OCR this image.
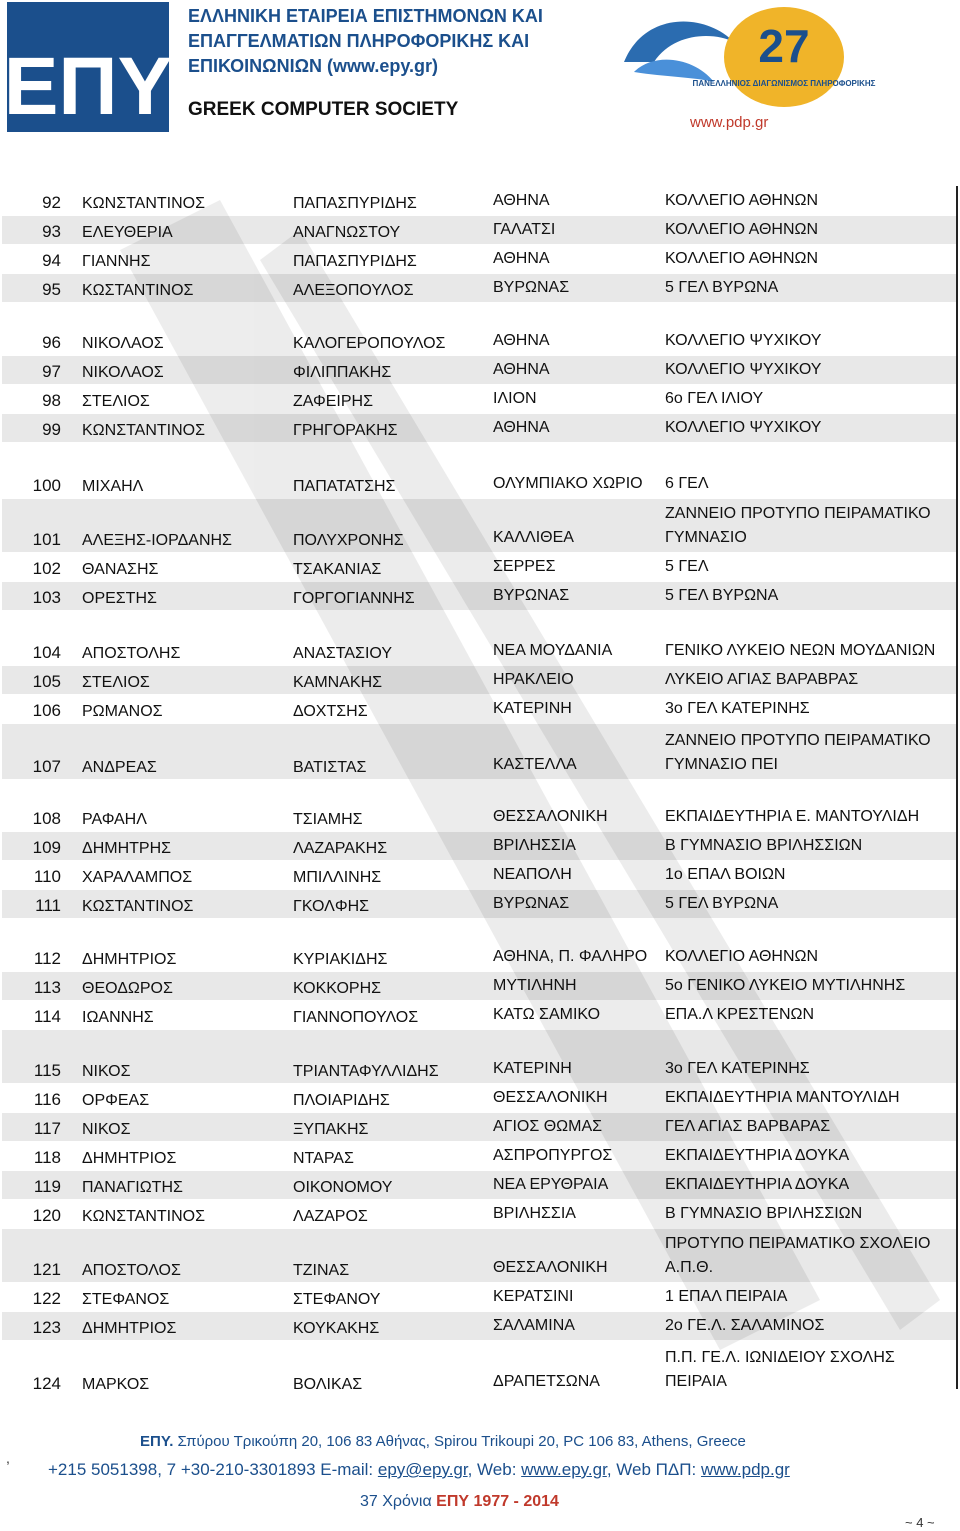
ΕΠΥ
ΕΛΛΗΝΙΚΗ ΕΤΑΙΡΕΙΑ ΕΠΙΣΤΗΜΟΝΩΝ ΚΑΙ
ΕΠΑΓΓΕΛΜΑΤΙΩΝ ΠΛΗΡΟΦΟΡΙΚΗΣ ΚΑΙ
ΕΠΙΚΟΙΝΩΝΙΩΝ (www.epy.gr)
GREEK COMPUTER SOCIETY
27
ΠΑΝΕΛΛΗΝΙΟΣ ΔΙΑΓΩΝΙΣΜΟΣ ΠΛΗΡΟΦΟΡΙΚΗΣ
www.pdp.gr
92	ΚΩΝΣΤΑΝΤΙΝΟΣ	ΠΑΠΑΣΠΥΡΙΔΗΣ	ΑΘΗΝΑ	ΚΟΛΛΕΓΙΟ ΑΘΗΝΩΝ
93	ΕΛΕΥΘΕΡΙΑ	ΑΝΑΓΝΩΣΤΟΥ	ΓΑΛΑΤΣΙ	ΚΟΛΛΕΓΙΟ ΑΘΗΝΩΝ
94	ΓΙΑΝΝΗΣ	ΠΑΠΑΣΠΥΡΙΔΗΣ	ΑΘΗΝΑ	ΚΟΛΛΕΓΙΟ ΑΘΗΝΩΝ
95	ΚΩΣΤΑΝΤΙΝΟΣ	ΑΛΕΞΟΠΟΥΛΟΣ	ΒΥΡΩΝΑΣ	5 ΓΕΛ ΒΥΡΩΝΑ
96	ΝΙΚΟΛΑΟΣ	ΚΑΛΟΓΕΡΟΠΟΥΛΟΣ	ΑΘΗΝΑ	ΚΟΛΛΕΓΙΟ ΨΥΧΙΚΟΥ
97	ΝΙΚΟΛΑΟΣ	ΦΙΛΙΠΠΑΚΗΣ	ΑΘΗΝΑ	ΚΟΛΛΕΓΙΟ ΨΥΧΙΚΟΥ
98	ΣΤΕΛΙΟΣ	ΖΑΦΕΙΡΗΣ	ΙΛΙΟΝ	6ο ΓΕΛ ΙΛΙΟΥ
99	ΚΩΝΣΤΑΝΤΙΝΟΣ	ΓΡΗΓΟΡΑΚΗΣ	ΑΘΗΝΑ	ΚΟΛΛΕΓΙΟ ΨΥΧΙΚΟΥ
100	ΜΙΧΑΗΛ	ΠΑΠΑΤΑΤΣΗΣ	ΟΛΥΜΠΙΑΚΟ ΧΩΡΙΟ	6 ΓΕΛ
101	ΑΛΕΞΗΣ-ΙΟΡΔΑΝΗΣ	ΠΟΛΥΧΡΟΝΗΣ	ΚΑΛΛΙΘΕΑ	ΖΑΝΝΕΙΟ ΠΡΟΤΥΠΟ ΠΕΙΡΑΜΑΤΙΚΟ ΓΥΜΝΑΣΙΟ
102	ΘΑΝΑΣΗΣ	ΤΣΑΚΑΝΙΑΣ	ΣΕΡΡΕΣ	5 ΓΕΛ
103	ΟΡΕΣΤΗΣ	ΓΟΡΓΟΓΙΑΝΝΗΣ	ΒΥΡΩΝΑΣ	5 ΓΕΛ ΒΥΡΩΝΑ
104	ΑΠΟΣΤΟΛΗΣ	ΑΝΑΣΤΑΣΙΟΥ	ΝΕΑ ΜΟΥΔΑΝΙΑ	ΓΕΝΙΚΟ ΛΥΚΕΙΟ ΝΕΩΝ ΜΟΥΔΑΝΙΩΝ
105	ΣΤΕΛΙΟΣ	ΚΑΜΝΑΚΗΣ	ΗΡΑΚΛΕΙΟ	ΛΥΚΕΙΟ ΑΓΙΑΣ ΒΑΡΑΒΡΑΣ
106	ΡΩΜΑΝΟΣ	ΔΟΧΤΣΗΣ	ΚΑΤΕΡΙΝΗ	3ο ΓΕΛ ΚΑΤΕΡΙΝΗΣ
107	ΑΝΔΡΕΑΣ	ΒΑΤΙΣΤΑΣ	ΚΑΣΤΕΛΛΑ	ΖΑΝΝΕΙΟ ΠΡΟΤΥΠΟ ΠΕΙΡΑΜΑΤΙΚΟ ΓΥΜΝΑΣΙΟ ΠΕΙ
108	ΡΑΦΑΗΛ	ΤΣΙΑΜΗΣ	ΘΕΣΣΑΛΟΝΙΚΗ	ΕΚΠΑΙΔΕΥΤΗΡΙΑ Ε. ΜΑΝΤΟΥΛΙΔΗ
109	ΔΗΜΗΤΡΗΣ	ΛΑΖΑΡΑΚΗΣ	ΒΡΙΛΗΣΣΙΑ	Β ΓΥΜΝΑΣΙΟ ΒΡΙΛΗΣΣΙΩΝ
110	ΧΑΡΑΛΑΜΠΟΣ	ΜΠΙΛΛΙΝΗΣ	ΝΕΑΠΟΛΗ	1ο ΕΠΑΛ ΒΟΙΩΝ
111	ΚΩΣΤΑΝΤΙΝΟΣ	ΓΚΟΛΦΗΣ	ΒΥΡΩΝΑΣ	5 ΓΕΛ ΒΥΡΩΝΑ
112	ΔΗΜΗΤΡΙΟΣ	ΚΥΡΙΑΚΙΔΗΣ	ΑΘΗΝΑ, Π. ΦΑΛΗΡΟ	ΚΟΛΛΕΓΙΟ ΑΘΗΝΩΝ
113	ΘΕΟΔΩΡΟΣ	ΚΟΚΚΟΡΗΣ	ΜΥΤΙΛΗΝΗ	5ο ΓΕΝΙΚΟ ΛΥΚΕΙΟ ΜΥΤΙΛΗΝΗΣ
114	ΙΩΑΝΝΗΣ	ΓΙΑΝΝΟΠΟΥΛΟΣ	ΚΑΤΩ ΣΑΜΙΚΟ	ΕΠΑ.Λ ΚΡΕΣΤΕΝΩΝ
115	ΝΙΚΟΣ	ΤΡΙΑΝΤΑΦΥΛΛΙΔΗΣ	ΚΑΤΕΡΙΝΗ	3ο ΓΕΛ ΚΑΤΕΡΙΝΗΣ
116	ΟΡΦΕΑΣ	ΠΛΟΙΑΡΙΔΗΣ	ΘΕΣΣΑΛΟΝΙΚΗ	ΕΚΠΑΙΔΕΥΤΗΡΙΑ ΜΑΝΤΟΥΛΙΔΗ
117	ΝΙΚΟΣ	ΞΥΠΑΚΗΣ	ΑΓΙΟΣ ΘΩΜΑΣ	ΓΕΛ ΑΓΙΑΣ ΒΑΡΒΑΡΑΣ
118	ΔΗΜΗΤΡΙΟΣ	ΝΤΑΡΑΣ	ΑΣΠΡΟΠΥΡΓΟΣ	ΕΚΠΑΙΔΕΥΤΗΡΙΑ ΔΟΥΚΑ
119	ΠΑΝΑΓΙΩΤΗΣ	ΟΙΚΟΝΟΜΟΥ	ΝΕΑ ΕΡΥΘΡΑΙΑ	ΕΚΠΑΙΔΕΥΤΗΡΙΑ ΔΟΥΚΑ
120	ΚΩΝΣΤΑΝΤΙΝΟΣ	ΛΑΖΑΡΟΣ	ΒΡΙΛΗΣΣΙΑ	Β ΓΥΜΝΑΣΙΟ ΒΡΙΛΗΣΣΙΩΝ
121	ΑΠΟΣΤΟΛΟΣ	ΤΖΙΝΑΣ	ΘΕΣΣΑΛΟΝΙΚΗ	ΠΡΟΤΥΠΟ ΠΕΙΡΑΜΑΤΙΚΟ ΣΧΟΛΕΙΟ Α.Π.Θ.
122	ΣΤΕΦΑΝΟΣ	ΣΤΕΦΑΝΟΥ	ΚΕΡΑΤΣΙΝΙ	1 ΕΠΑΛ ΠΕΙΡΑΙΑ
123	ΔΗΜΗΤΡΙΟΣ	ΚΟΥΚΑΚΗΣ	ΣΑΛΑΜΙΝΑ	2ο ΓΕ.Λ. ΣΑΛΑΜΙΝΟΣ
124	ΜΑΡΚΟΣ	ΒΟΛΙΚΑΣ	ΔΡΑΠΕΤΣΩΝΑ	Π.Π. ΓΕ.Λ. ΙΩΝΙΔΕΙΟΥ ΣΧΟΛΗΣ ΠΕΙΡΑΙΑ
,
ΕΠΥ. Σπύρου Τρικούπη 20, 106 83 Αθήνας, Spirou Trikoupi 20, PC 106 83, Athens, Greece
+215 5051398, 7 +30-210-3301893 E-mail: epy@epy.gr, Web: www.epy.gr, Web ΠΔΠ: www.pdp.gr
37 Χρόνια ΕΠΥ 1977 - 2014
~ 4 ~
